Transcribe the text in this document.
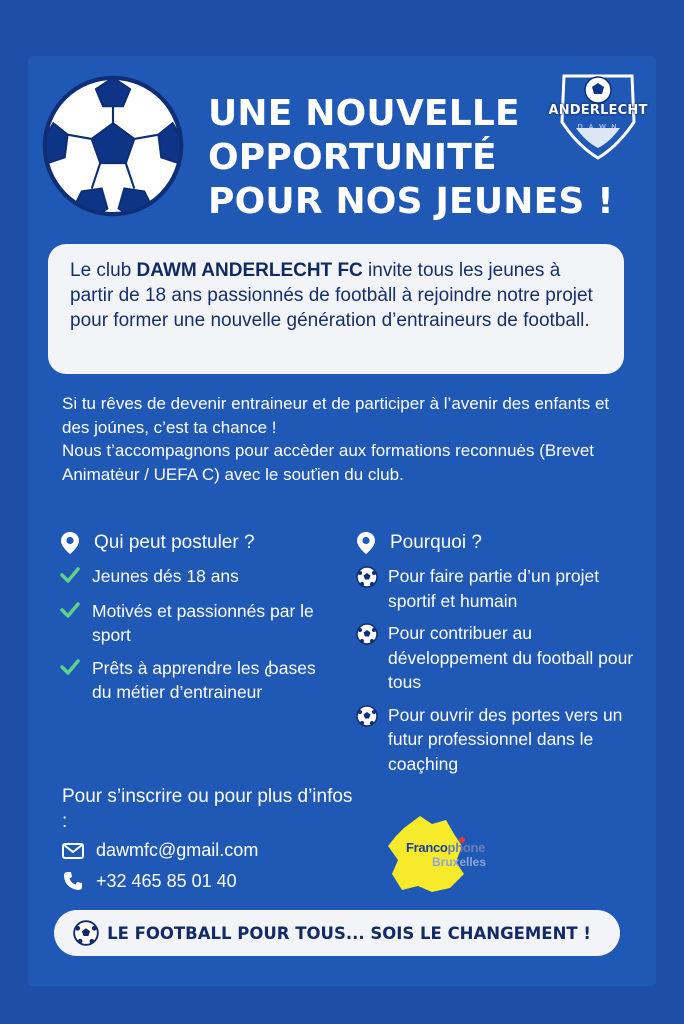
UNE NOUVELLE
OPPORTUNITÉ
POUR NOS JEUNES !
ANDERLECHT
D.A.W.N
Le club DAWM ANDERLECHT FC invite tous les jeunes à partir de 18 ans passionnés de footbàll à rejoindre notre projet pour former une nouvelle génération d’entraineurs de football.
Si tu rêves de devenir entraineur et de participer à l’avenir des enfants et des joúnes, c’est ta chance !
Nous t’accompagnons pour accèder aux formations reconnuės (Brevet Animatėur / UEFA C) avec le souťien du club.
Qui peut postuler ?
Jeunes dés 18 ans
Motivés et passionnés par le sport
Prêts à apprendre les ꞗases du métier d’entraineur
Pourquoi ?
Pour faire partie d’un projet sportif et humain
Pour contribuer au développement du football pour tous
Pour ouvrir des portes vers un futur professionnel dans le coaçhing
Pour s’inscrire ou pour plus d’infos :
dawmfc@gmail.com
+32 465 85 01 40
Francophone
Bruxelles
LE FOOTBALL POUR TOUS... SOIS LE CHANGEMENT !
